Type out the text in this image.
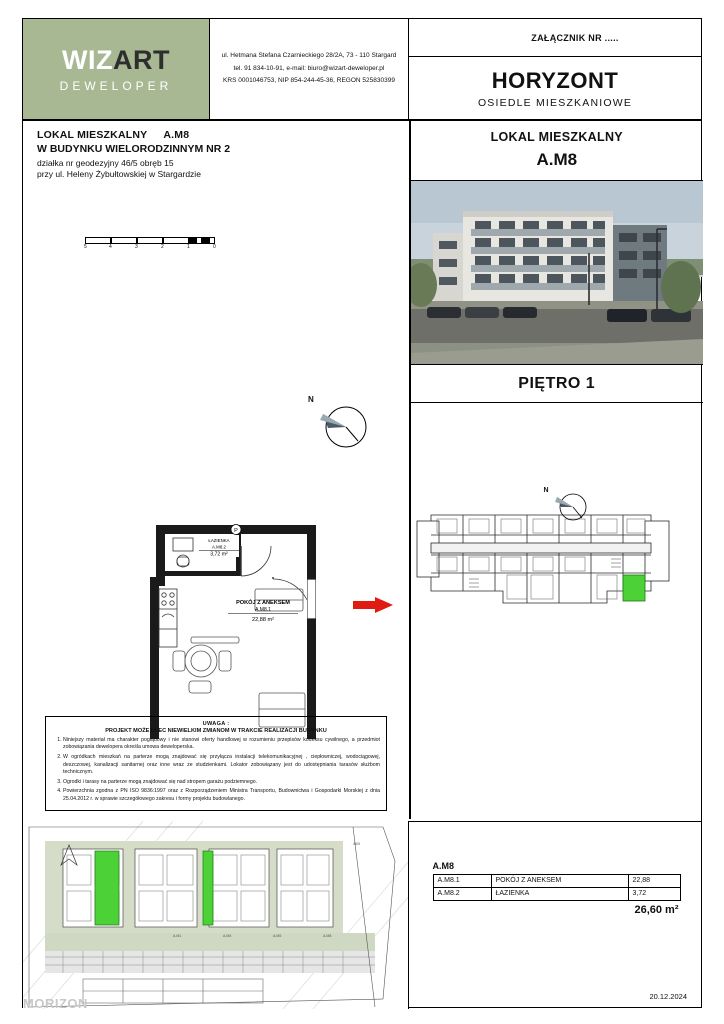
WIZART
DEWELOPER
ul. Hetmana Stefana Czarnieckiego 28/2A, 73 - 110 Stargard
tel. 91 834-10-91, e-mail: biuro@wizart-deweloper.pl
KRS 0001046753, NIP 854-244-45-36, REGON 525830399
ZAŁĄCZNIK NR .....
HORYZONT
OSIEDLE MIESZKANIOWE
LOKAL MIESZKALNY A.M8
W BUDYNKU WIELORODZINNYM NR 2
działka nr geodezyjny 46/5 obręb 15
przy ul. Heleny Żybułtowskiej w Stargardzie
5	4	3	2	1	0
N
ŁAZIENKA
A.M8.2
3,72 m²
P
POKÓJ Z ANEKSEM
A.M8.1
22,88 m²
UWAGA :
PROJEKT MOŻE ULEC NIEWIELKIM ZMIANOM W TRAKCIE REALIZACJI BUDYNKU
1. Niniejszy materiał ma charakter poglądowy i nie stanowi oferty handlowej w rozumieniu przepisów kodeksu cywilnego, a przedmiot zobowiązania dewelopera określa umowa deweloperska.
2. W ogródkach mieszkań na parterze mogą znajdować się przyłącza instalacji telekomunikacyjnej , ciepłowniczej, wodociągowej, deszczowej, kanalizacji sanitarnej oraz inne wraz ze studzienkami. Lokator zobowiązany jest do udostępniania tarasów służbom technicznym.
3. Ogrodki i tarasy na parterze mogą znajdować się nad stropem garażu podziemnego.
4. Powierzchnia zgodna z PN ISO 9836:1997 oraz z Rozporządzeniem Ministra Transportu, Budownictwa i Gospodarki Morskiej z dnia 25.04.2012 r. w sprawie szczegółowego zakresu i formy projektu budowlanego.
LOKAL MIESZKALNY
A.M8
PIĘTRO 1
N
A.M1	A.M4	A.M5	A.M8
46/5
MORIZON
A.M8
A.M8.1	POKÓJ Z ANEKSEM	22,88
A.M8.2	ŁAZIENKA	3,72
26,60 m²
20.12.2024
